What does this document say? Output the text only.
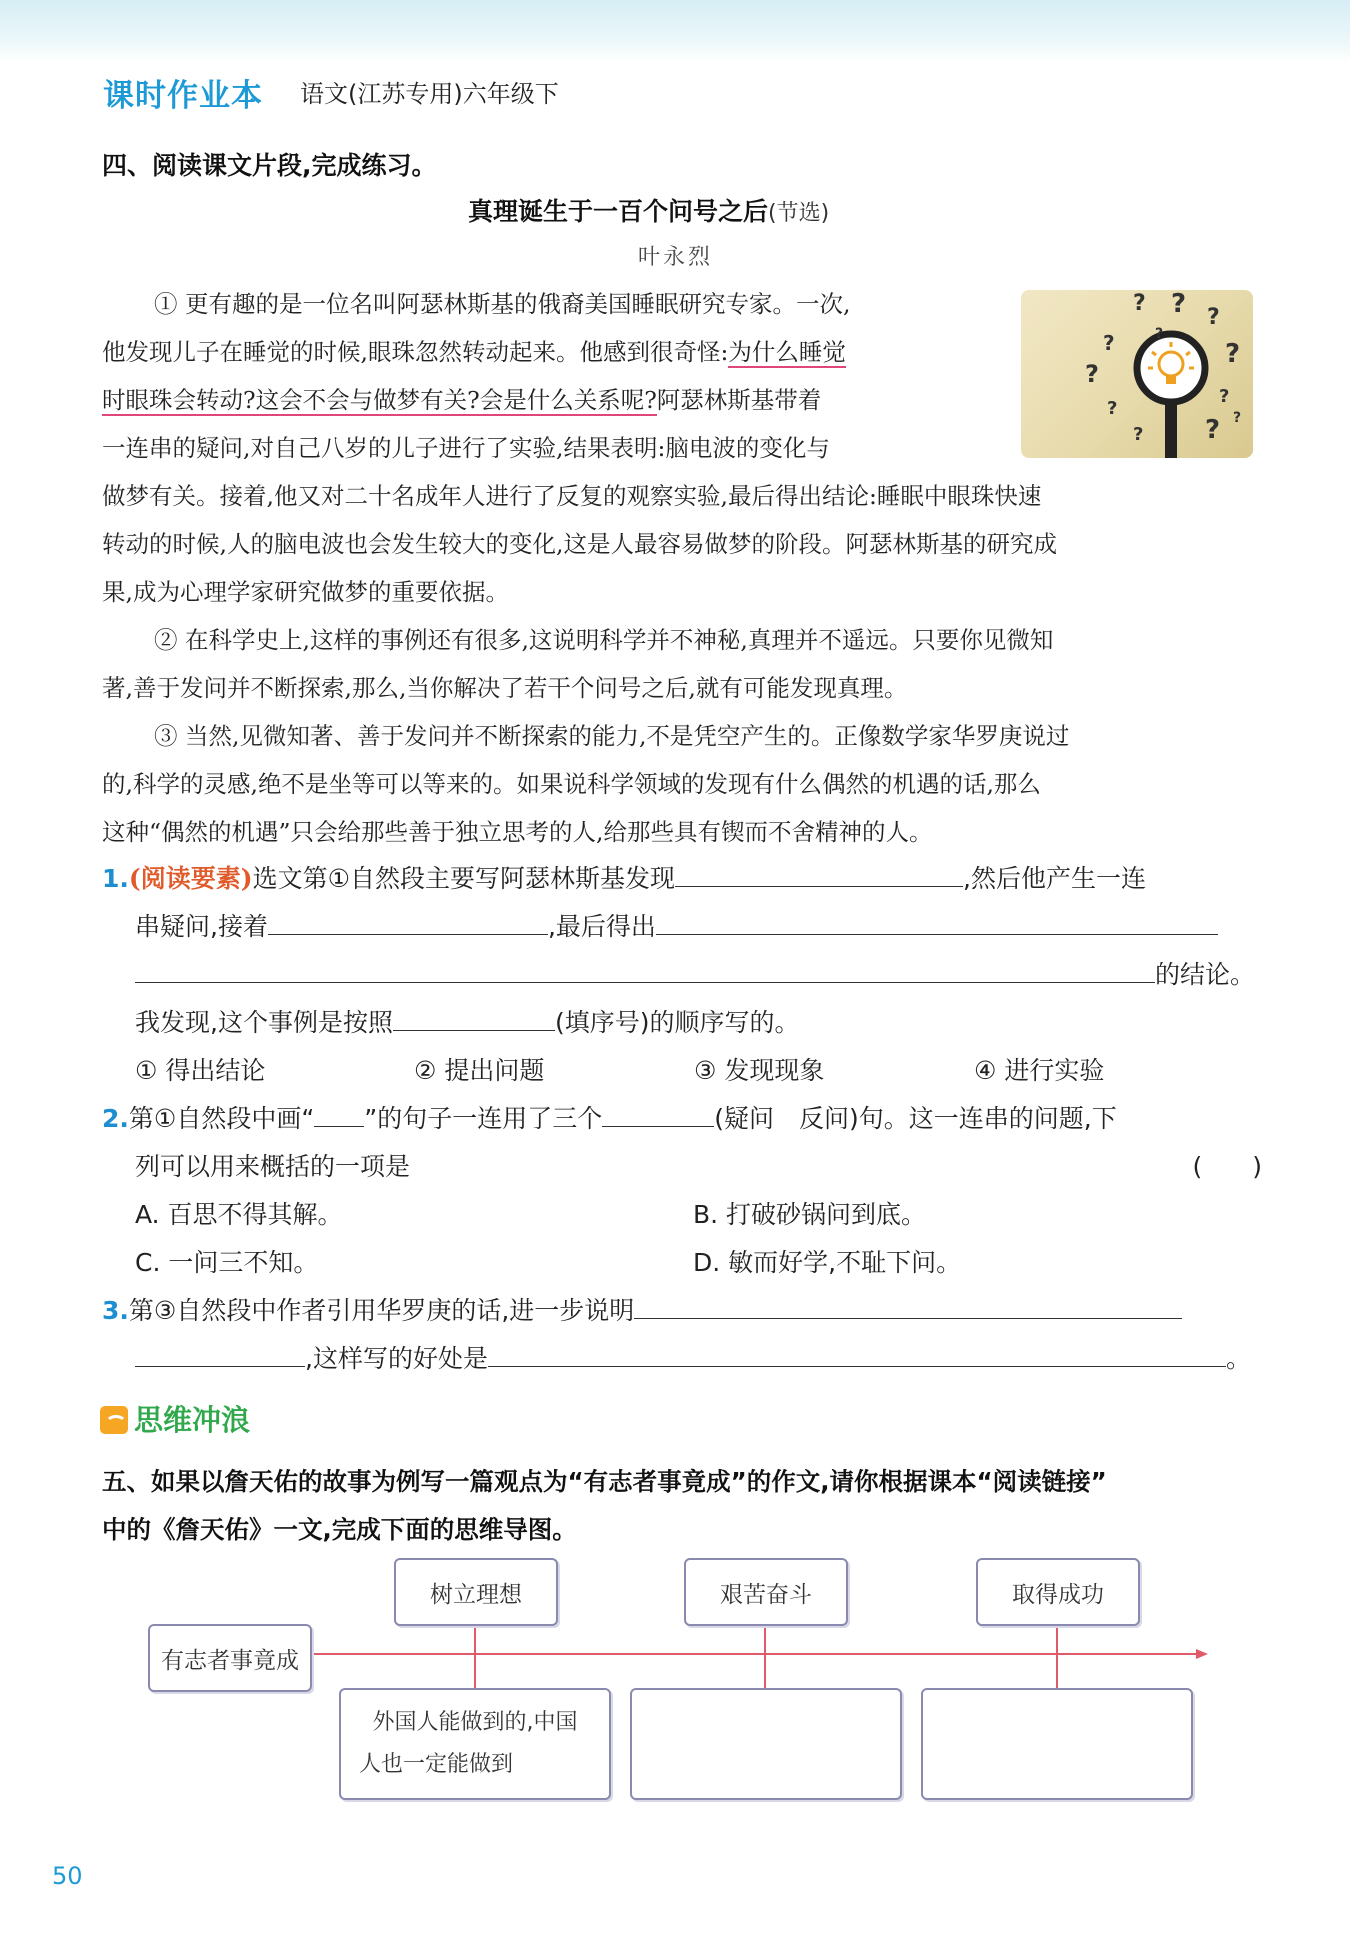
课时作业本 语文(江苏专用)六年级下
四、阅读课文片段,完成练习。
真理诞生于一百个问号之后(节选)
叶永烈
? ? ?
?
?
?
?
?
? ?
?
?
① 更有趣的是一位名叫阿瑟林斯基的俄裔美国睡眠研究专家。一次,
他发现儿子在睡觉的时候,眼珠忽然转动起来。他感到很奇怪:为什么睡觉
时眼珠会转动?这会不会与做梦有关?会是什么关系呢?阿瑟林斯基带着
一连串的疑问,对自己八岁的儿子进行了实验,结果表明:脑电波的变化与
做梦有关。接着,他又对二十名成年人进行了反复的观察实验,最后得出结论:睡眠中眼珠快速
转动的时候,人的脑电波也会发生较大的变化,这是人最容易做梦的阶段。阿瑟林斯基的研究成
果,成为心理学家研究做梦的重要依据。
② 在科学史上,这样的事例还有很多,这说明科学并不神秘,真理并不遥远。只要你见微知
著,善于发问并不断探索,那么,当你解决了若干个问号之后,就有可能发现真理。
③ 当然,见微知著、善于发问并不断探索的能力,不是凭空产生的。正像数学家华罗庚说过
的,科学的灵感,绝不是坐等可以等来的。如果说科学领域的发现有什么偶然的机遇的话,那么
这种“偶然的机遇”只会给那些善于独立思考的人,给那些具有锲而不舍精神的人。
1.(阅读要素)选文第①自然段主要写阿瑟林斯基发现	,然后他产生一连
串疑问,接着	,最后得出
的结论。
我发现,这个事例是按照	(填序号)的顺序写的。
① 得出结论	② 提出问题	③ 发现现象	④ 进行实验
2.第①自然段中画“ ”的句子一连用了三个	(疑问　反问)句。这一连串的问题,下
列可以用来概括的一项是	(　　)
A. 百思不得其解。	B. 打破砂锅问到底。
C. 一问三不知。	D. 敏而好学,不耻下问。
3.第③自然段中作者引用华罗庚的话,进一步说明
,这样写的好处是	。
思维冲浪
五、如果以詹天佑的故事为例写一篇观点为“有志者事竟成”的作文,请你根据课本“阅读链接”
中的《詹天佑》一文,完成下面的思维导图。
有志者事竟成
树立理想	艰苦奋斗	取得成功
外国人能做到的,中国
人也一定能做到
50
